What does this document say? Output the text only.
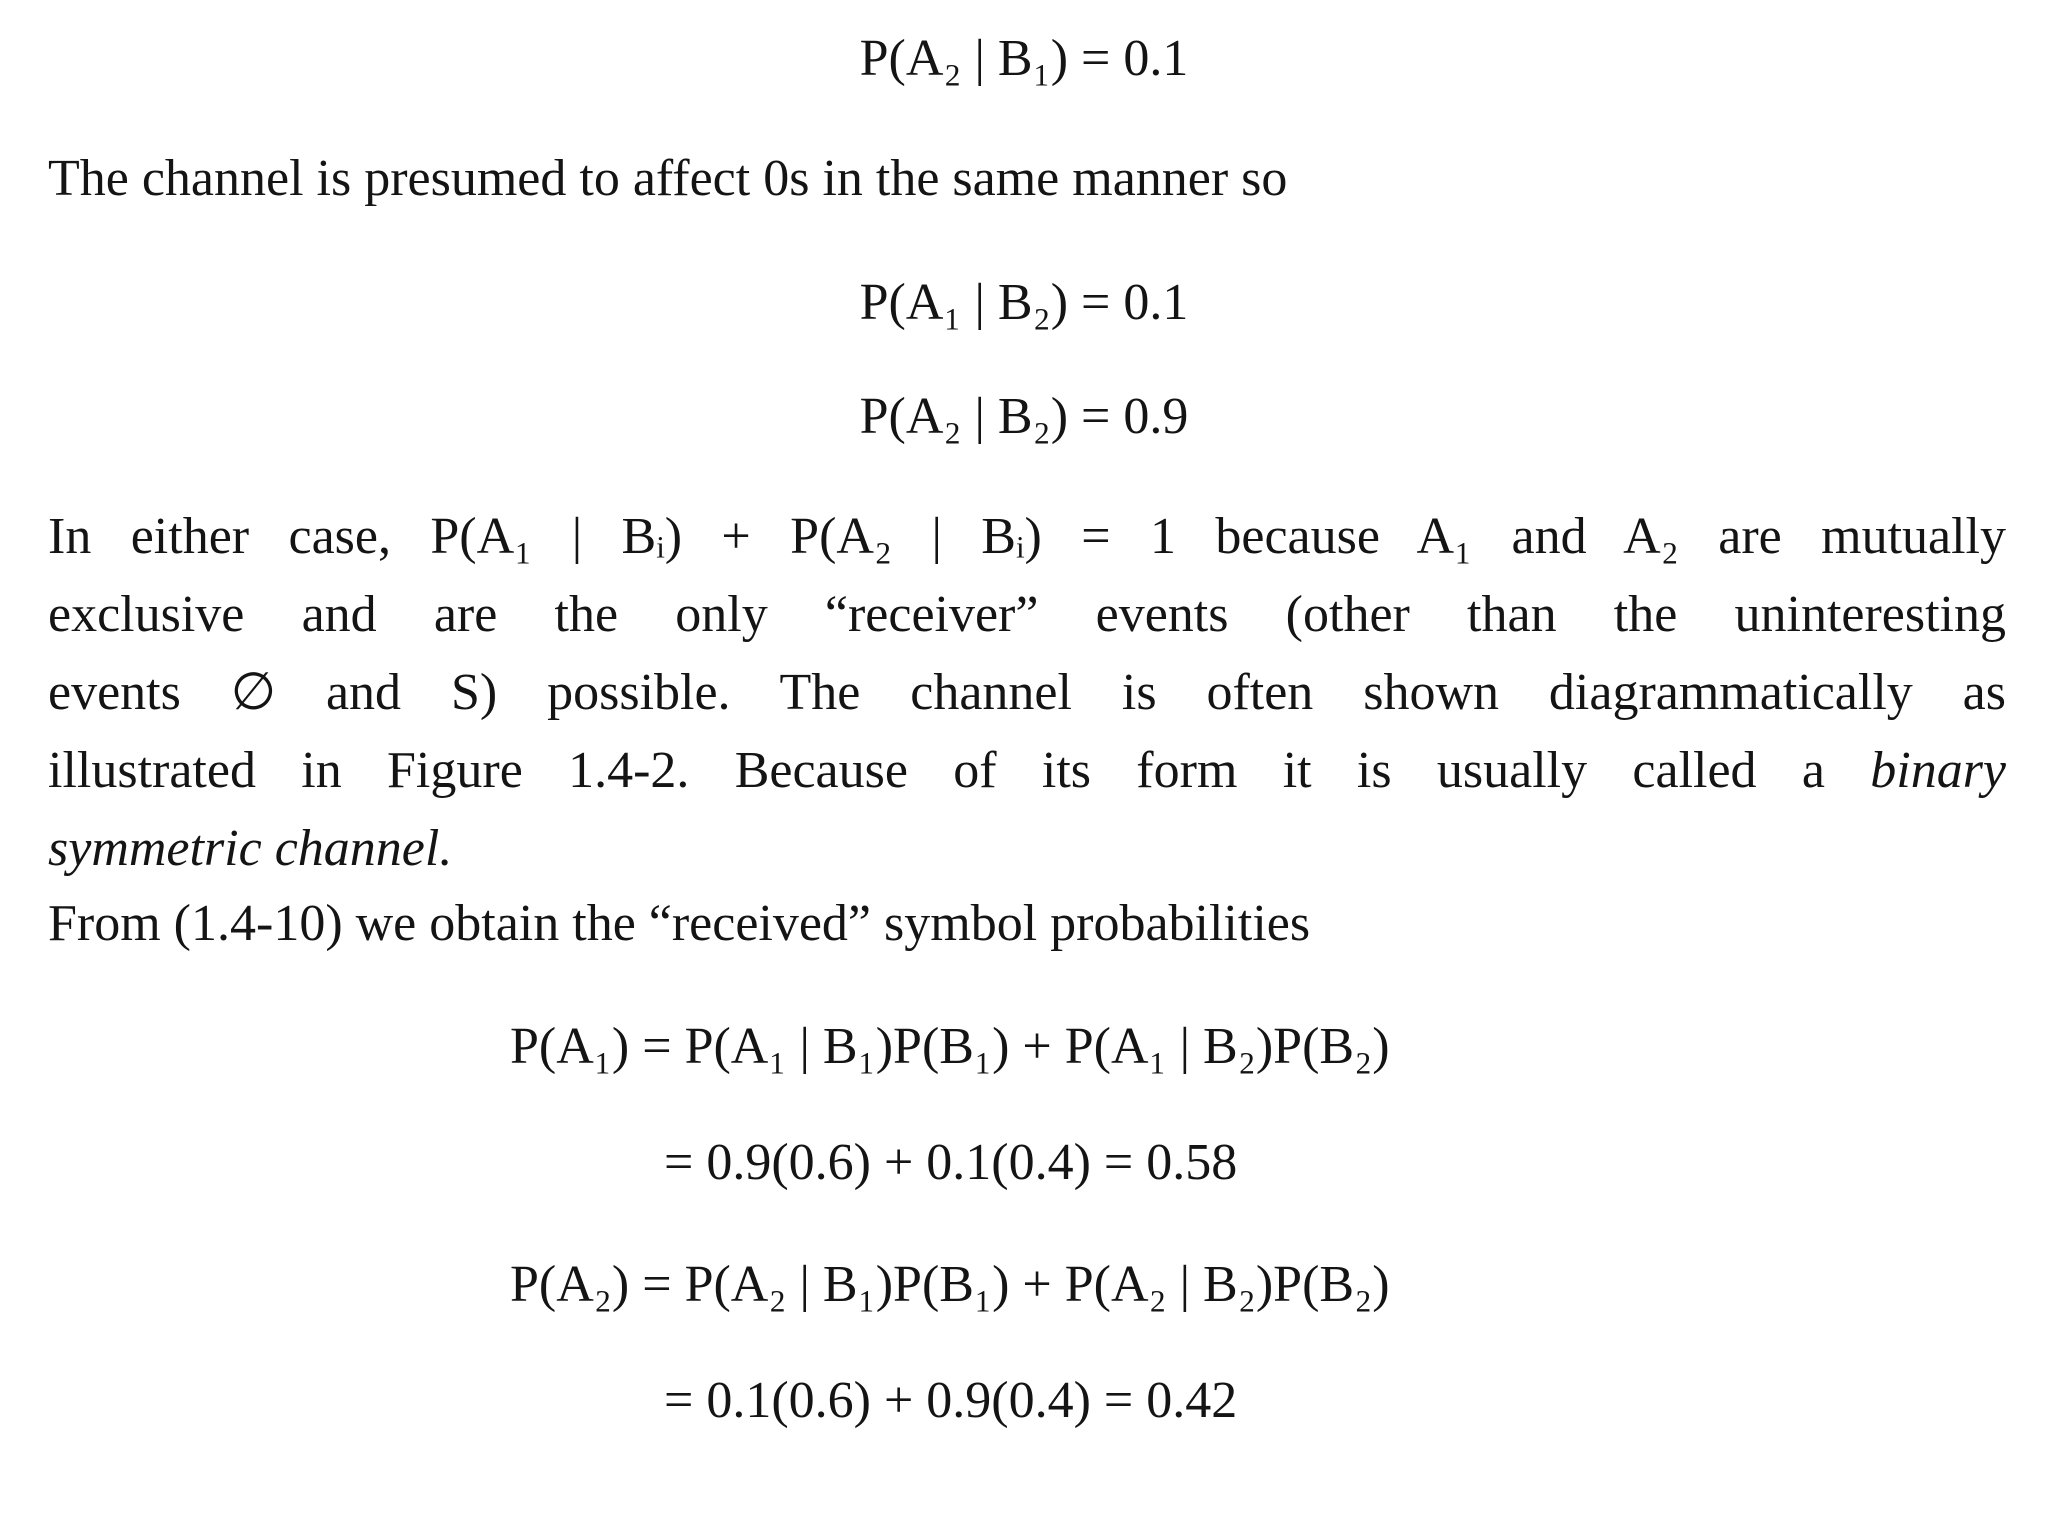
P(A₂ | B₁) = 0.1
The channel is presumed to affect 0s in the same manner so
P(A₁ | B₂) = 0.1
P(A₂ | B₂) = 0.9
In either case, P(A₁ | Bᵢ) + P(A₂ | Bᵢ) = 1 because A₁ and A₂ are mutually
exclusive and are the only “receiver” events (other than the uninteresting
events ∅ and S) possible. The channel is often shown diagrammatically as
illustrated in Figure 1.4-2. Because of its form it is usually called a binary
symmetric channel.
From (1.4-10) we obtain the “received” symbol probabilities
P(A₁) = P(A₁ | B₁)P(B₁) + P(A₁ | B₂)P(B₂)
= 0.9(0.6) + 0.1(0.4) = 0.58
P(A₂) = P(A₂ | B₁)P(B₁) + P(A₂ | B₂)P(B₂)
= 0.1(0.6) + 0.9(0.4) = 0.42
